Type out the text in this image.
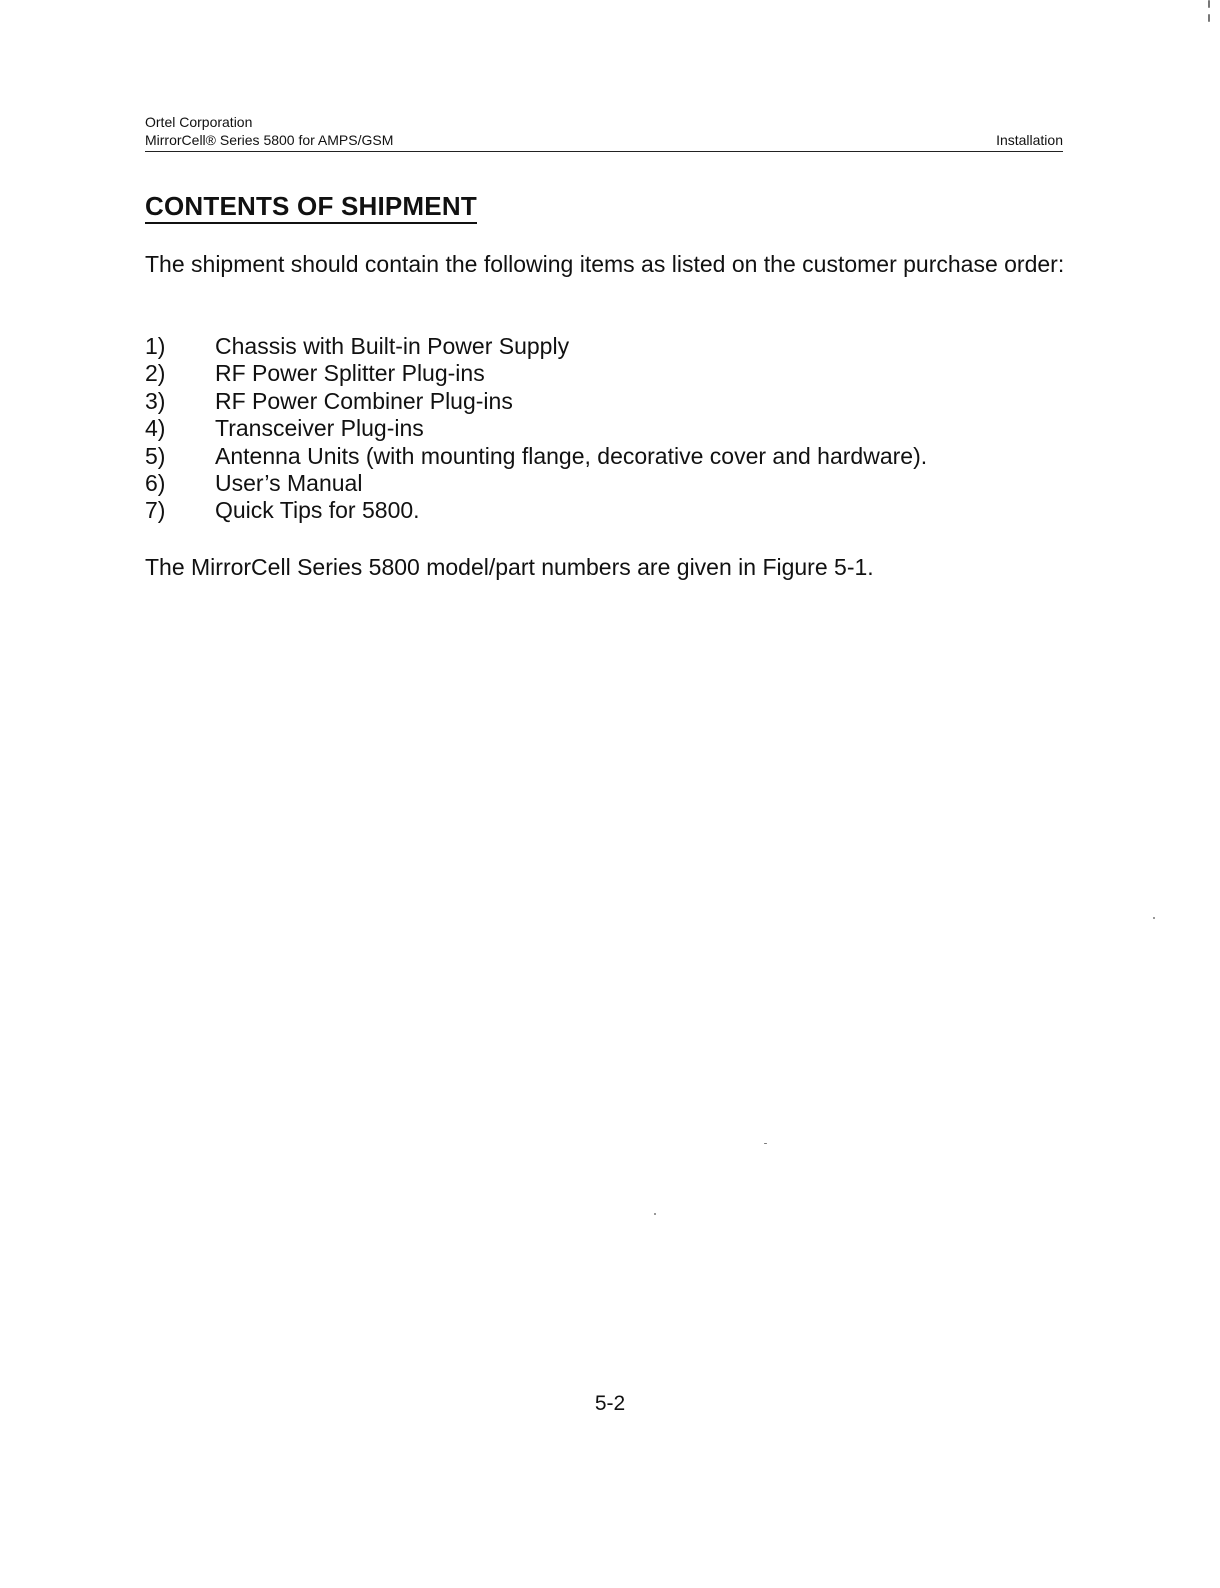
Ortel Corporation
MirrorCell® Series 5800 for AMPS/GSM	Installation
CONTENTS OF SHIPMENT
The shipment should contain the following items as listed on the customer purchase order:
1)	Chassis with Built-in Power Supply
2)	RF Power Splitter Plug-ins
3)	RF Power Combiner Plug-ins
4)	Transceiver Plug-ins
5)	Antenna Units (with mounting flange, decorative cover and hardware).
6)	User’s Manual
7)	Quick Tips for 5800.
The MirrorCell Series 5800 model/part numbers are given in Figure 5-1.
5-2
